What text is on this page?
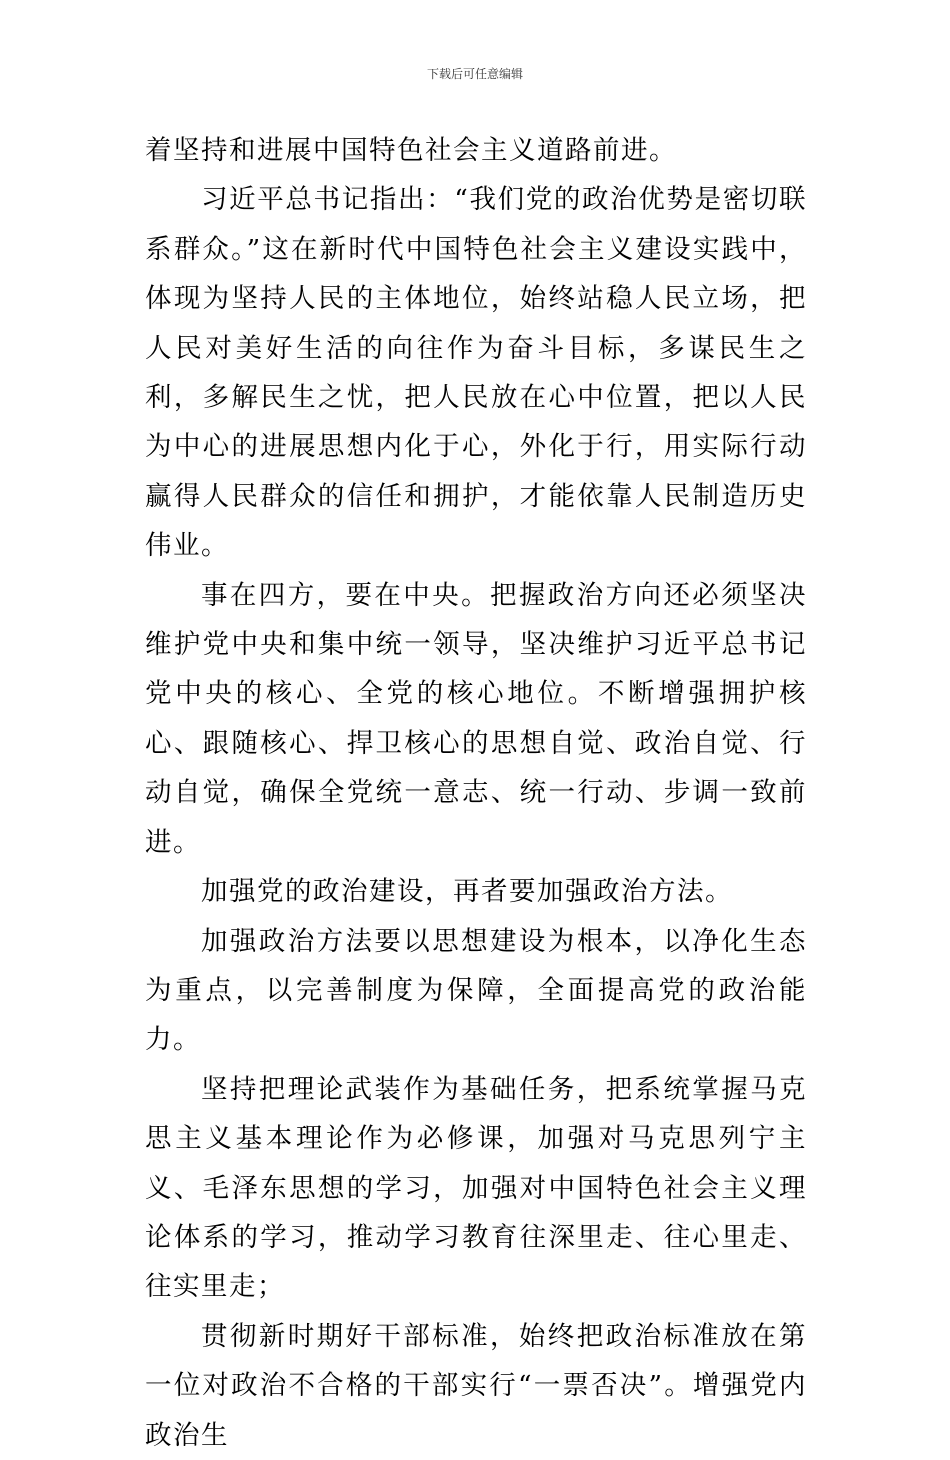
下载后可任意编辑

着坚持和进展中国特色社会主义道路前进。

习近平总书记指出：“我们党的政治优势是密切联系群众。”这在新时代中国特色社会主义建设实践中，体现为坚持人民的主体地位，始终站稳人民立场，把人民对美好生活的向往作为奋斗目标，多谋民生之利，多解民生之忧，把人民放在心中位置，把以人民为中心的进展思想内化于心，外化于行，用实际行动赢得人民群众的信任和拥护，才能依靠人民制造历史伟业。

事在四方，要在中央。把握政治方向还必须坚决维护党中央和集中统一领导，坚决维护习近平总书记党中央的核心、全党的核心地位。不断增强拥护核心、跟随核心、捍卫核心的思想自觉、政治自觉、行动自觉，确保全党统一意志、统一行动、步调一致前进。

加强党的政治建设，再者要加强政治方法。

加强政治方法要以思想建设为根本，以净化生态为重点，以完善制度为保障，全面提高党的政治能力。

坚持把理论武装作为基础任务，把系统掌握马克思主义基本理论作为必修课，加强对马克思列宁主义、毛泽东思想的学习，加强对中国特色社会主义理论体系的学习，推动学习教育往深里走、往心里走、往实里走；

贯彻新时期好干部标准，始终把政治标准放在第一位对政治不合格的干部实行“一票否决”。增强党内政治生
